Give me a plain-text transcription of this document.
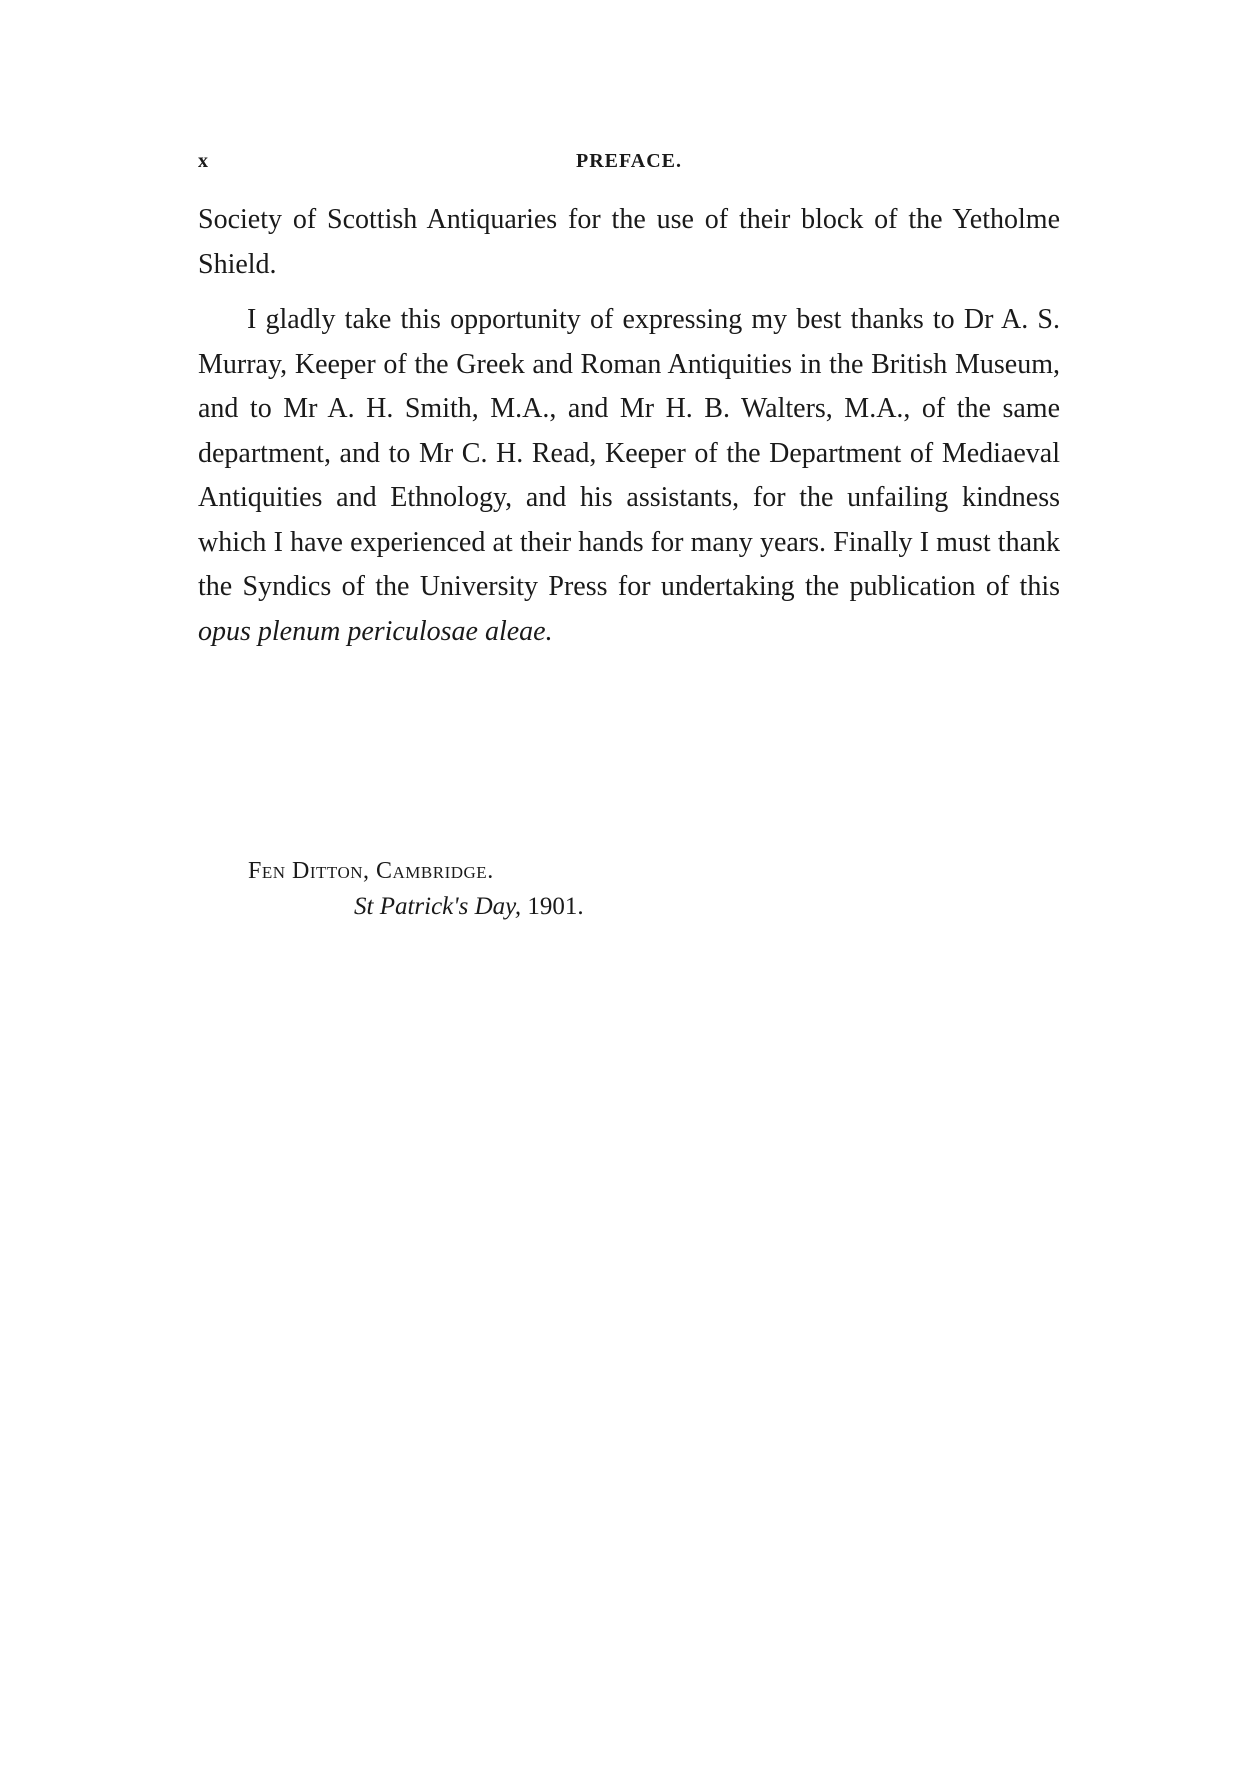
x	PREFACE.
Society of Scottish Antiquaries for the use of their block of the Yetholme Shield.
I gladly take this opportunity of expressing my best thanks to Dr A. S. Murray, Keeper of the Greek and Roman Antiquities in the British Museum, and to Mr A. H. Smith, M.A., and Mr H. B. Walters, M.A., of the same department, and to Mr C. H. Read, Keeper of the Department of Mediaeval Antiquities and Ethnology, and his assistants, for the unfailing kindness which I have experienced at their hands for many years. Finally I must thank the Syndics of the University Press for undertaking the publication of this opus plenum periculosae aleae.
Fen Ditton, Cambridge.
St Patrick's Day, 1901.
